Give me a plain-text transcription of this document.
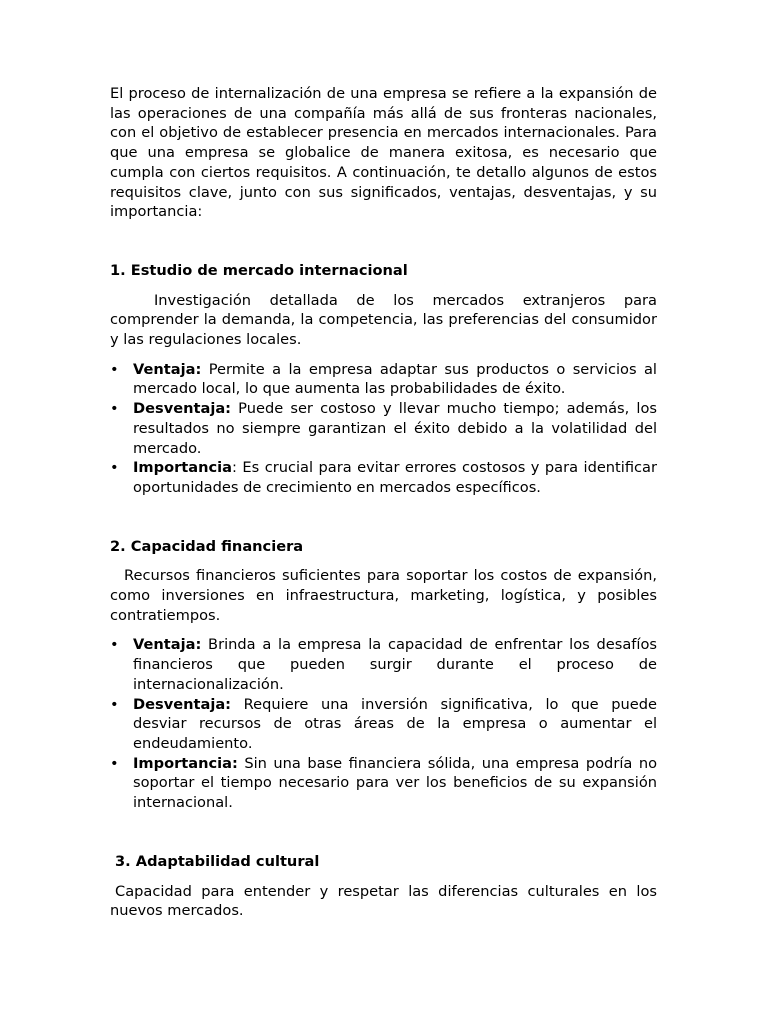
El proceso de internalización de una empresa se refiere a la expansión de las operaciones de una compañía más allá de sus fronteras nacionales, con el objetivo de establecer presencia en mercados internacionales. Para que una empresa se globalice de manera exitosa, es necesario que cumpla con ciertos requisitos. A continuación, te detallo algunos de estos requisitos clave, junto con sus significados, ventajas, desventajas, y su importancia:

1. Estudio de mercado internacional

Investigación detallada de los mercados extranjeros para comprender la demanda, la competencia, las preferencias del consumidor y las regulaciones locales.

• Ventaja: Permite a la empresa adaptar sus productos o servicios al mercado local, lo que aumenta las probabilidades de éxito.
• Desventaja: Puede ser costoso y llevar mucho tiempo; además, los resultados no siempre garantizan el éxito debido a la volatilidad del mercado.
• Importancia: Es crucial para evitar errores costosos y para identificar oportunidades de crecimiento en mercados específicos.
2. Capacidad financiera

Recursos financieros suficientes para soportar los costos de expansión, como inversiones en infraestructura, marketing, logística, y posibles contratiempos.

• Ventaja: Brinda a la empresa la capacidad de enfrentar los desafíos financieros que pueden surgir durante el proceso de internacionalización.
• Desventaja: Requiere una inversión significativa, lo que puede desviar recursos de otras áreas de la empresa o aumentar el endeudamiento.
• Importancia: Sin una base financiera sólida, una empresa podría no soportar el tiempo necesario para ver los beneficios de su expansión internacional.
3. Adaptabilidad cultural

Capacidad para entender y respetar las diferencias culturales en los nuevos mercados.
